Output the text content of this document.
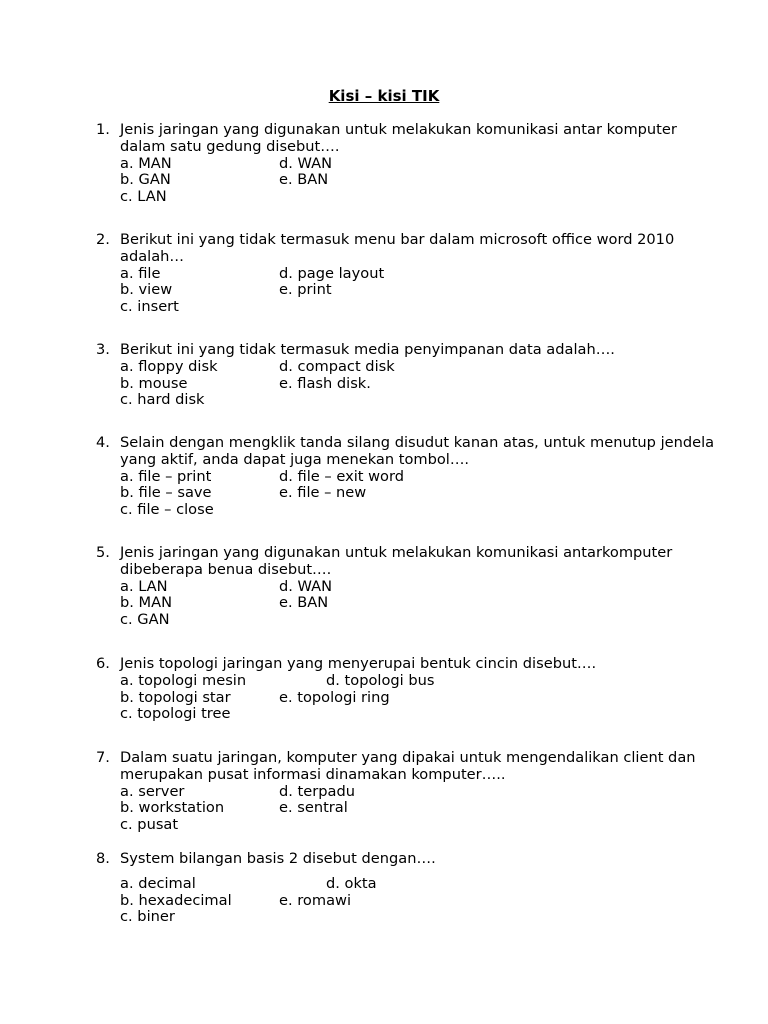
Kisi – kisi TIK
1. Jenis jaringan yang digunakan untuk melakukan komunikasi antar komputer
dalam satu gedung disebut….
a. MAN
b. GAN
c. LAN
d. WAN
e. BAN
2. Berikut ini yang tidak termasuk menu bar dalam microsoft office word 2010
adalah…
a. file
b. view
c. insert
d. page layout
e. print
3. Berikut ini yang tidak termasuk media penyimpanan data adalah….
a. floppy disk
b. mouse
c. hard disk
d. compact disk
e. flash disk.
4. Selain dengan mengklik tanda silang disudut kanan atas, untuk menutup jendela
yang aktif, anda dapat juga menekan tombol….
a. file – print
b. file – save
c. file – close
d. file – exit word
e. file – new
5. Jenis jaringan yang digunakan untuk melakukan komunikasi antarkomputer
dibeberapa benua disebut….
a. LAN
b. MAN
c. GAN
d. WAN
e. BAN
6. Jenis topologi jaringan yang menyerupai bentuk cincin disebut….
a. topologi mesin
b. topologi star
c. topologi tree
d. topologi bus
e. topologi ring
7. Dalam suatu jaringan, komputer yang dipakai untuk mengendalikan client dan
merupakan pusat informasi dinamakan komputer…..
a. server
b. workstation
c. pusat
d. terpadu
e. sentral
8. System bilangan basis 2 disebut dengan….
a. decimal
b. hexadecimal
c. biner
d. okta
e. romawi
